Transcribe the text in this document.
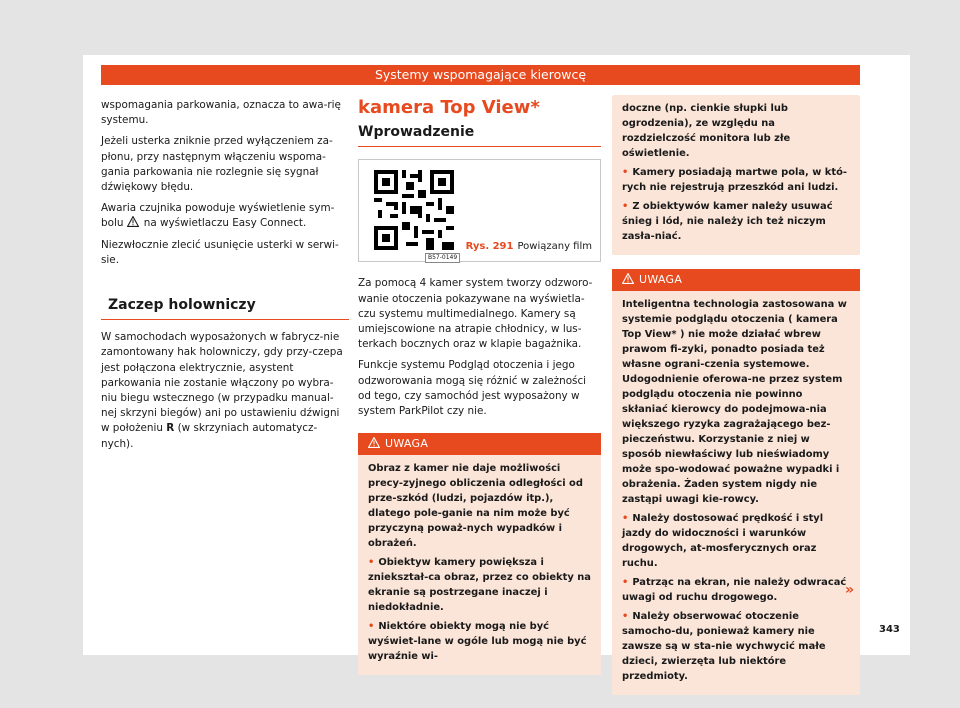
Systemy wspomagające kierowcę

wspomagania parkowania, oznacza to awa-rię systemu.

Jeżeli usterka zniknie przed wyłączeniem za-płonu, przy następnym włączeniu wspoma-gania parkowania nie rozlegnie się sygnał dźwiękowy błędu.

Awaria czujnika powoduje wyświetlenie sym-bolu na wyświetlaczu Easy Connect.

Niezwłocznie zlecić usunięcie usterki w serwi-sie.

Zaczep holowniczy

W samochodach wyposażonych w fabrycz-nie zamontowany hak holowniczy, gdy przy-czepa jest połączona elektrycznie, asystent parkowania nie zostanie włączony po wybra-niu biegu wstecznego (w przypadku manual-nej skrzyni biegów) ani po ustawieniu dźwigni w położeniu R (w skrzyniach automatycz-nych).

kamera Top View*
Wprowadzenie
B57-0149
Rys. 291 Powiązany film

Za pomocą 4 kamer system tworzy odzworo-wanie otoczenia pokazywane na wyświetla-czu systemu multimedialnego. Kamery są umiejscowione na atrapie chłodnicy, w lus-terkach bocznych oraz w klapie bagażnika.

Funkcje systemu Podgląd otoczenia i jego odzworowania mogą się różnić w zależności od tego, czy samochód jest wyposażony w system ParkPilot czy nie.

UWAGA

Obraz z kamer nie daje możliwości precy-zyjnego obliczenia odległości od prze-szkód (ludzi, pojazdów itp.), dlatego pole-ganie na nim może być przyczyną poważ-nych wypadków i obrażeń.

• Obiektyw kamery powiększa i zniekształ-ca obraz, przez co obiekty na ekranie są postrzegane inaczej i niedokładnie.

• Niektóre obiekty mogą nie być wyświet-lane w ogóle lub mogą nie być wyraźnie wi-

doczne (np. cienkie słupki lub ogrodzenia), ze względu na rozdzielczość monitora lub złe oświetlenie.

• Kamery posiadają martwe pola, w któ-rych nie rejestrują przeszkód ani ludzi.

• Z obiektywów kamer należy usuwać śnieg i lód, nie należy ich też niczym zasła-niać.

UWAGA

Inteligentna technologia zastosowana w systemie podglądu otoczenia ( kamera Top View* ) nie może działać wbrew prawom fi-zyki, ponadto posiada też własne ograni-czenia systemowe. Udogodnienie oferowa-ne przez system podglądu otoczenia nie powinno skłaniać kierowcy do podejmowa-nia większego ryzyka zagrażającego bez-pieczeństwu. Korzystanie z niej w sposób niewłaściwy lub nieświadomy może spo-wodować poważne wypadki i obrażenia. Żaden system nigdy nie zastąpi uwagi kie-rowcy.

• Należy dostosować prędkość i styl jazdy do widoczności i warunków drogowych, at-mosferycznych oraz ruchu.

• Patrząc na ekran, nie należy odwracać uwagi od ruchu drogowego.

• Należy obserwować otoczenie samocho-du, ponieważ kamery nie zawsze są w sta-nie wychwycić małe dzieci, zwierzęta lub niektóre przedmioty.

»
343
